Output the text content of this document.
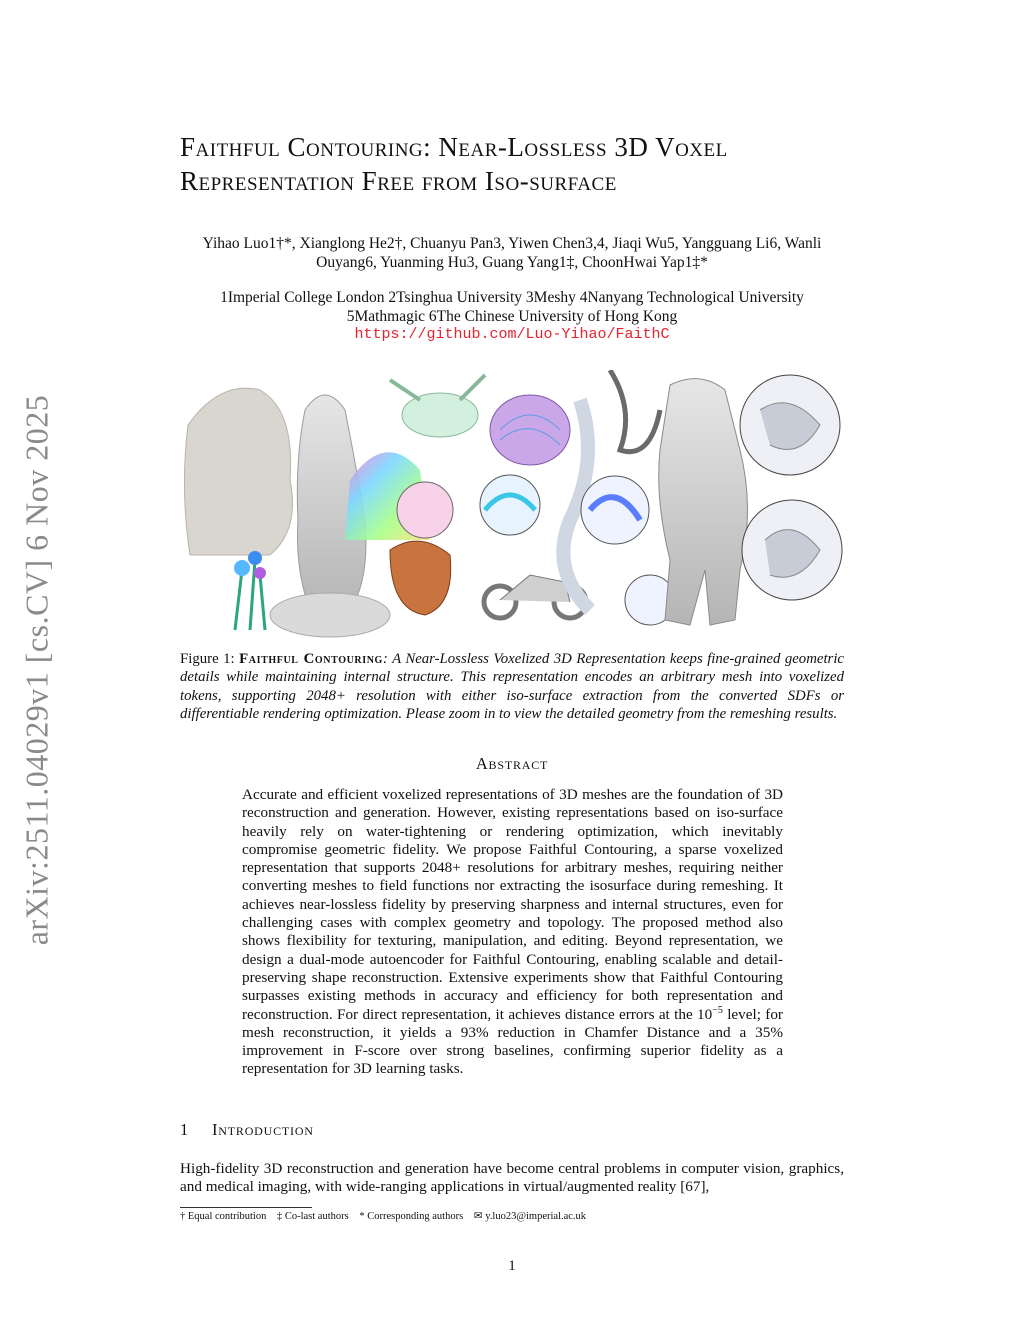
arXiv:2511.04029v1 [cs.CV] 6 Nov 2025
Faithful Contouring: Near-Lossless 3D Voxel
Representation Free from Iso-surface
Yihao Luo1†*, Xianglong He2†, Chuanyu Pan3, Yiwen Chen3,4, Jiaqi Wu5, Yangguang Li6, Wanli
Ouyang6, Yuanming Hu3, Guang Yang1‡, ChoonHwai Yap1‡*
1Imperial College London 2Tsinghua University 3Meshy 4Nanyang Technological University
5Mathmagic 6The Chinese University of Hong Kong
https://github.com/Luo-Yihao/FaithC
Figure 1: Faithful Contouring: A Near-Lossless Voxelized 3D Representation keeps fine-grained geometric details while maintaining internal structure. This representation encodes an arbitrary mesh into voxelized tokens, supporting 2048+ resolution with either iso-surface extraction from the converted SDFs or differentiable rendering optimization. Please zoom in to view the detailed geometry from the remeshing results.
Abstract
Accurate and efficient voxelized representations of 3D meshes are the foundation of 3D reconstruction and generation. However, existing representations based on iso-surface heavily rely on water-tightening or rendering optimization, which inevitably compromise geometric fidelity. We propose Faithful Contouring, a sparse voxelized representation that supports 2048+ resolutions for arbitrary meshes, requiring neither converting meshes to field functions nor extracting the isosurface during remeshing. It achieves near-lossless fidelity by preserving sharpness and internal structures, even for challenging cases with complex geometry and topology. The proposed method also shows flexibility for texturing, manipulation, and editing. Beyond representation, we design a dual-mode autoencoder for Faithful Contouring, enabling scalable and detail-preserving shape reconstruction. Extensive experiments show that Faithful Contouring surpasses existing methods in accuracy and efficiency for both representation and reconstruction. For direct representation, it achieves distance errors at the $10^{-5}$ level; for mesh reconstruction, it yields a 93% reduction in Chamfer Distance and a 35% improvement in F-score over strong baselines, confirming superior fidelity as a representation for 3D learning tasks.
1 Introduction
High-fidelity 3D reconstruction and generation have become central problems in computer vision, graphics, and medical imaging, with wide-ranging applications in virtual/augmented reality [67],
† Equal contribution ‡ Co-last authors * Corresponding authors ✉ y.luo23@imperial.ac.uk
1
